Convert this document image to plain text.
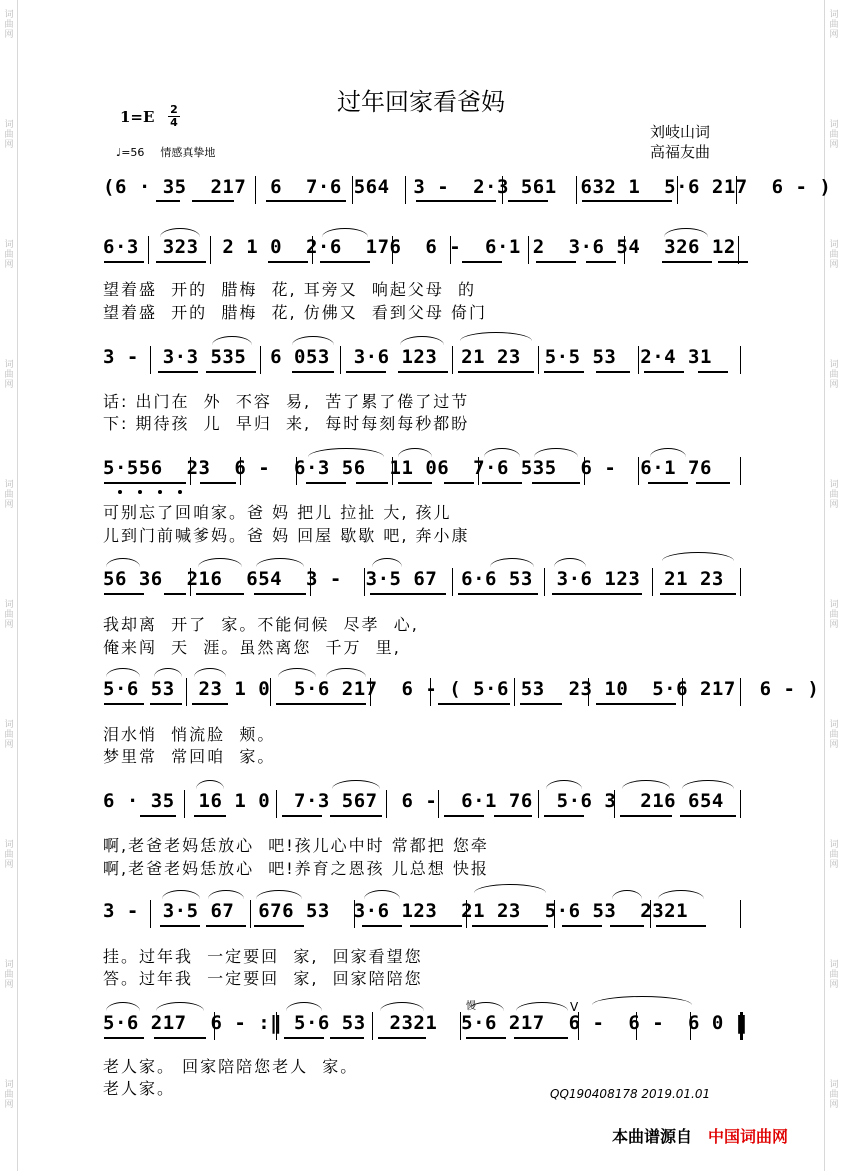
词
曲
网
词
曲
网
词
曲
网
词
曲
网
词
曲
网
词
曲
网
词
曲
网
词
曲
网
词
曲
网
词
曲
网
词
曲
网
词
曲
网
词
曲
网
词
曲
网
词
曲
网
词
曲
网
词
曲
网
词
曲
网
词
曲
网
词
曲
网
过年回家看爸妈
1=E 2
4
♩=56 情感真挚地
刘岐山词
高福友曲
(6 · 35  217  6  7·6 564  3 -  2·3 561  632 1  5·6 217  6 - )
6·3  323  2 1 0  2·6  176  6 -  6·1 2  3·6 54  326 12
望着盛  开的  腊梅  花, 耳旁又  响起父母  的
望着盛  开的  腊梅  花, 仿佛又  看到父母 倚门
3 -  3·3 535  6 053  3·6 123  21 23  5·5 53  2·4 31
话: 出门在  外  不容  易,  苦了累了倦了过节
下: 期待孩  儿  早归  来,  每时每刻每秒都盼
5·556  23  6 -  6·3 56  11 06  7·6 535  6 -  6·1 76
可别忘了回咱家。爸 妈 把儿 拉扯 大, 孩儿
儿到门前喊爹妈。爸 妈 回屋 歇歇 吧, 奔小康
56 36  216  654  3 -  3·5 67  6·6 53  3·6 123  21 23
我却离  开了  家。不能伺候  尽孝  心,
俺来闯  天  涯。虽然离您  千万  里,
5·6 53  23 1 0  5·6 217  6 - ( 5·6 53  23 10  5·6 217  6 - )
泪水悄  悄流脸  颊。
梦里常  常回咱  家。
6 · 35  16 1 0  7·3 567  6 -  6·1 76  5·6 3  216 654
啊,老爸老妈恁放心  吧!孩儿心中时 常都把 您牵
啊,老爸老妈恁放心  吧!养育之恩孩 儿总想 快报
3 -  3·5 67  676 53  3·6 123  21 23  5·6 53  2321
挂。过年我  一定要回  家,  回家看望您
答。过年我  一定要回  家,  回家陪陪您
慢
5·6 217  6 - :‖ 5·6 53  2321  5·6 217  6 -  6 -  6 0 ‖
V
老人家。 回家陪陪您老人  家。
老人家。	QQ190408178 2019.01.01
本曲谱源自 中国词曲网
